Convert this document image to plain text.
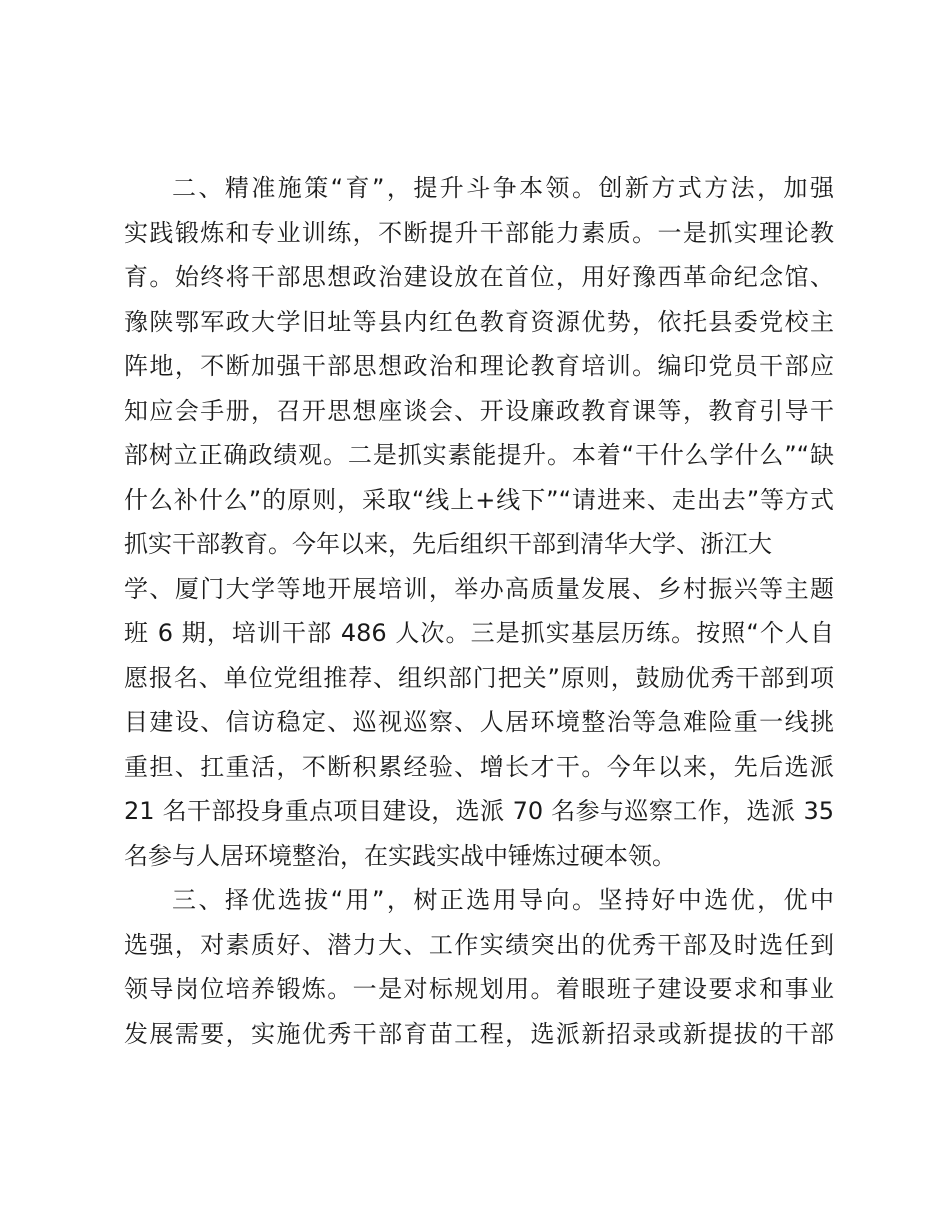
二、精准施策“育”，提升斗争本领。创新方式方法，加强
实践锻炼和专业训练，不断提升干部能力素质。一是抓实理论教
育。始终将干部思想政治建设放在首位，用好豫西革命纪念馆、
豫陕鄂军政大学旧址等县内红色教育资源优势，依托县委党校主
阵地，不断加强干部思想政治和理论教育培训。编印党员干部应
知应会手册，召开思想座谈会、开设廉政教育课等，教育引导干
部树立正确政绩观。二是抓实素能提升。本着“干什么学什么”“缺
什么补什么”的原则，采取“线上+线下”“请进来、走出去”等方式
抓实干部教育。今年以来，先后组织干部到清华大学、浙江大
学、厦门大学等地开展培训，举办高质量发展、乡村振兴等主题
班 6 期，培训干部 486 人次。三是抓实基层历练。按照“个人自
愿报名、单位党组推荐、组织部门把关”原则，鼓励优秀干部到项
目建设、信访稳定、巡视巡察、人居环境整治等急难险重一线挑
重担、扛重活，不断积累经验、增长才干。今年以来，先后选派
21 名干部投身重点项目建设，选派 70 名参与巡察工作，选派 35
名参与人居环境整治，在实践实战中锤炼过硬本领。
三、择优选拔“用”，树正选用导向。坚持好中选优，优中
选强，对素质好、潜力大、工作实绩突出的优秀干部及时选任到
领导岗位培养锻炼。一是对标规划用。着眼班子建设要求和事业
发展需要，实施优秀干部育苗工程，选派新招录或新提拔的干部
